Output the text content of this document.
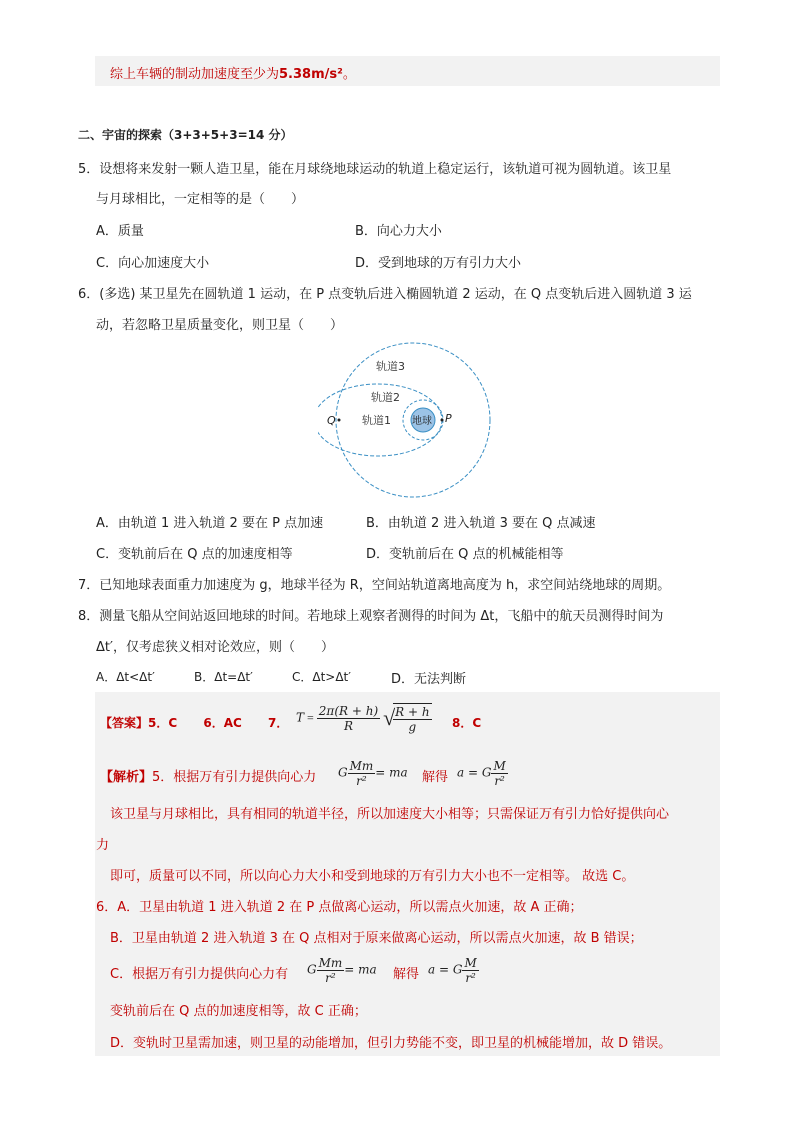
综上车辆的制动加速度至少为5.38m/s²。
二、宇宙的探索（3+3+5+3=14 分）
5．设想将来发射一颗人造卫星，能在月球绕地球运动的轨道上稳定运行，该轨道可视为圆轨道。该卫星
与月球相比，一定相等的是（　　）
A．质量	B．向心力大小
C．向心加速度大小	D．受到地球的万有引力大小
6．(多选) 某卫星先在圆轨道 1 运动，在 P 点变轨后进入椭圆轨道 2 运动，在 Q 点变轨后进入圆轨道 3 运
动，若忽略卫星质量变化，则卫星（　　）
轨道3
轨道2
轨道1 地球
Q	P
A．由轨道 1 进入轨道 2 要在 P 点加速	B．由轨道 2 进入轨道 3 要在 Q 点减速
C．变轨前后在 Q 点的加速度相等	D．变轨前后在 Q 点的机械能相等
7．已知地球表面重力加速度为 g，地球半径为 R，空间站轨道离地高度为 h，求空间站绕地球的周期。
8．测量飞船从空间站返回地球的时间。若地球上观察者测得的时间为 Δt，飞船中的航天员测得时间为
Δt′，仅考虑狭义相对论效应，则（　　）
A．Δt<Δt′	B．Δt=Δt′	C．Δt>Δt′	D．无法判断
【答案】5．C 6．AC 7． $T = \frac{2\pi(R + h)}{R}$
√
$\frac{R + h}{g} 8$．C
【解析】5．根据万有引力提供向心力 G $\frac{Mm}{\text{r²}}$ = ma 解得 a = G $\frac{M}{\text{r²}}$
该卫星与月球相比，具有相同的轨道半径，所以加速度大小相等；只需保证万有引力恰好提供向心
力
即可，质量可以不同，所以向心力大小和受到地球的万有引力大小也不一定相等。 故选 C。
6．A．卫星由轨道 1 进入轨道 2 在 P 点做离心运动，所以需点火加速，故 A 正确；
B．卫星由轨道 2 进入轨道 3 在 Q 点相对于原来做离心运动，所以需点火加速，故 B 错误；
C．根据万有引力提供向心力有 G $\frac{Mm}{\text{r²}}$ = ma 解得 a = G $\frac{M}{\text{r²}}$
变轨前后在 Q 点的加速度相等，故 C 正确；
D．变轨时卫星需加速，则卫星的动能增加，但引力势能不变，即卫星的机械能增加，故 D 错误。
